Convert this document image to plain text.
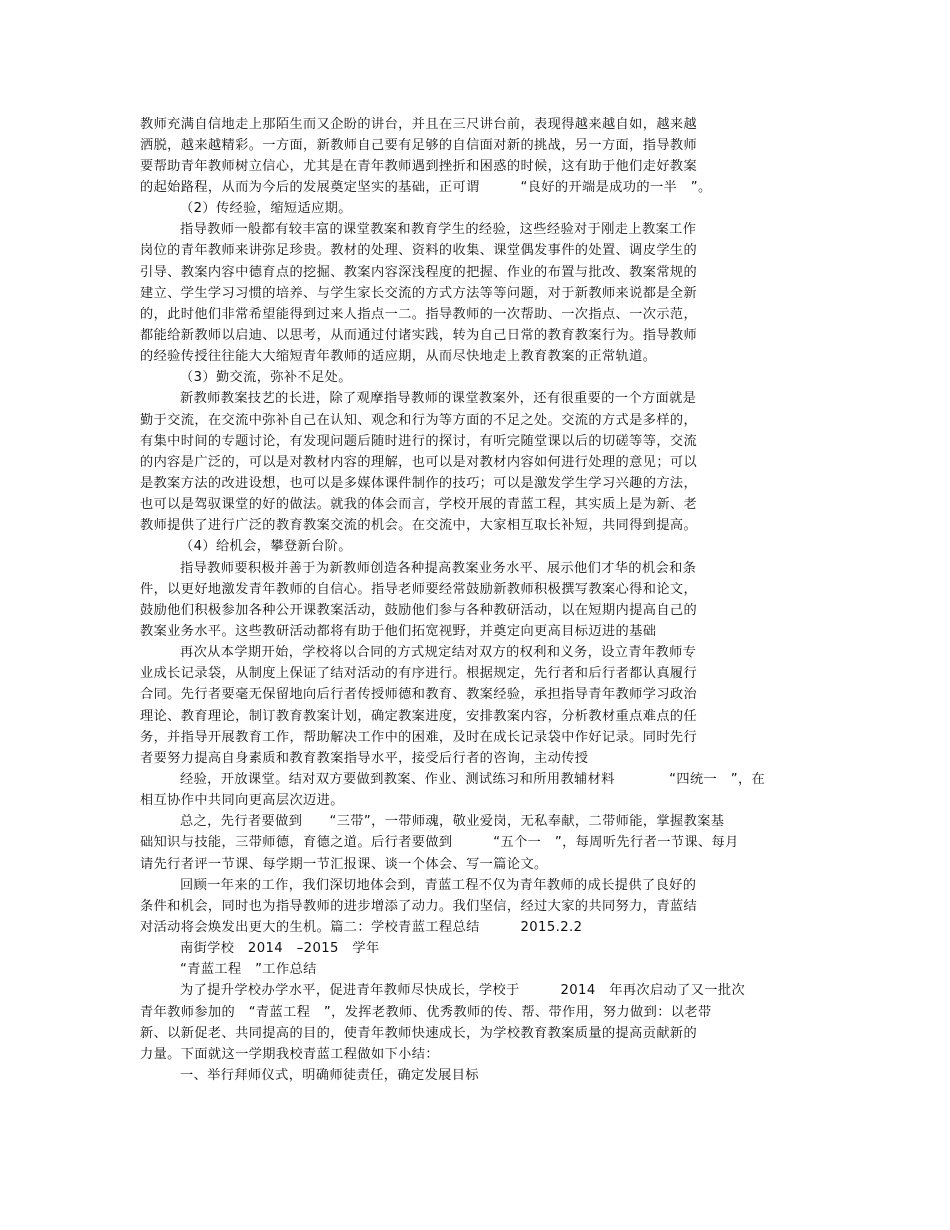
教师充满自信地走上那陌生而又企盼的讲台，并且在三尺讲台前，表现得越来越自如，越来越
洒脱，越来越精彩。一方面，新教师自己要有足够的自信面对新的挑战，另一方面，指导教师
要帮助青年教师树立信心，尤其是在青年教师遇到挫折和困惑的时候，这有助于他们走好教案
的起始路程，从而为今后的发展奠定坚实的基础，正可谓　　　“良好的开端是成功的一半　”。
（2）传经验，缩短适应期。
指导教师一般都有较丰富的课堂教案和教育学生的经验，这些经验对于刚走上教案工作
岗位的青年教师来讲弥足珍贵。教材的处理、资料的收集、课堂偶发事件的处置、调皮学生的
引导、教案内容中德育点的挖掘、教案内容深浅程度的把握、作业的布置与批改、教案常规的
建立、学生学习习惯的培养、与学生家长交流的方式方法等等问题，对于新教师来说都是全新
的，此时他们非常希望能得到过来人指点一二。指导教师的一次帮助、一次指点、一次示范，
都能给新教师以启迪、以思考，从而通过付诸实践，转为自己日常的教育教案行为。指导教师
的经验传授往往能大大缩短青年教师的适应期，从而尽快地走上教育教案的正常轨道。
（3）勤交流，弥补不足处。
新教师教案技艺的长进，除了观摩指导教师的课堂教案外，还有很重要的一个方面就是
勤于交流，在交流中弥补自己在认知、观念和行为等方面的不足之处。交流的方式是多样的，
有集中时间的专题讨论，有发现问题后随时进行的探讨，有听完随堂课以后的切磋等等，交流
的内容是广泛的，可以是对教材内容的理解，也可以是对教材内容如何进行处理的意见；可以
是教案方法的改进设想，也可以是多媒体课件制作的技巧；可以是激发学生学习兴趣的方法，
也可以是驾驭课堂的好的做法。就我的体会而言，学校开展的青蓝工程，其实质上是为新、老
教师提供了进行广泛的教育教案交流的机会。在交流中，大家相互取长补短，共同得到提高。
（4）给机会，攀登新台阶。
指导教师要积极并善于为新教师创造各种提高教案业务水平、展示他们才华的机会和条
件，以更好地激发青年教师的自信心。指导老师要经常鼓励新教师积极撰写教案心得和论文，
鼓励他们积极参加各种公开课教案活动，鼓励他们参与各种教研活动，以在短期内提高自己的
教案业务水平。这些教研活动都将有助于他们拓宽视野，并奠定向更高目标迈进的基础
再次从本学期开始，学校将以合同的方式规定结对双方的权利和义务，设立青年教师专
业成长记录袋，从制度上保证了结对活动的有序进行。根据规定，先行者和后行者都认真履行
合同。先行者要毫无保留地向后行者传授师德和教育、教案经验，承担指导青年教师学习政治
理论、教育理论，制订教育教案计划，确定教案进度，安排教案内容，分析教材重点难点的任
务，并指导开展教育工作，帮助解决工作中的困难，及时在成长记录袋中作好记录。同时先行
者要努力提高自身素质和教育教案指导水平，接受后行者的咨询，主动传授
经验，开放课堂。结对双方要做到教案、作业、测试练习和所用教辅材料　　　　“四统一　”，在
相互协作中共同向更高层次迈进。
总之，先行者要做到　　“三带”，一带师魂，敬业爱岗，无私奉献，二带师能，掌握教案基
础知识与技能，三带师德，育德之道。后行者要做到　　　“五个一　”，每周听先行者一节课、每月
请先行者评一节课、每学期一节汇报课、谈一个体会、写一篇论文。
回顾一年来的工作，我们深切地体会到，青蓝工程不仅为青年教师的成长提供了良好的
条件和机会，同时也为指导教师的进步增添了动力。我们坚信，经过大家的共同努力，青蓝结
对活动将会焕发出更大的生机。篇二：学校青蓝工程总结　　　2015.2.2
南街学校　2014　–2015　学年
“青蓝工程　”工作总结
为了提升学校办学水平，促进青年教师尽快成长，学校于　　　2014　年再次启动了又一批次
青年教师参加的　“青蓝工程　”，发挥老教师、优秀教师的传、帮、带作用，努力做到：以老带
新、以新促老、共同提高的目的，使青年教师快速成长，为学校教育教案质量的提高贡献新的
力量。下面就这一学期我校青蓝工程做如下小结：
一、举行拜师仪式，明确师徒责任，确定发展目标
